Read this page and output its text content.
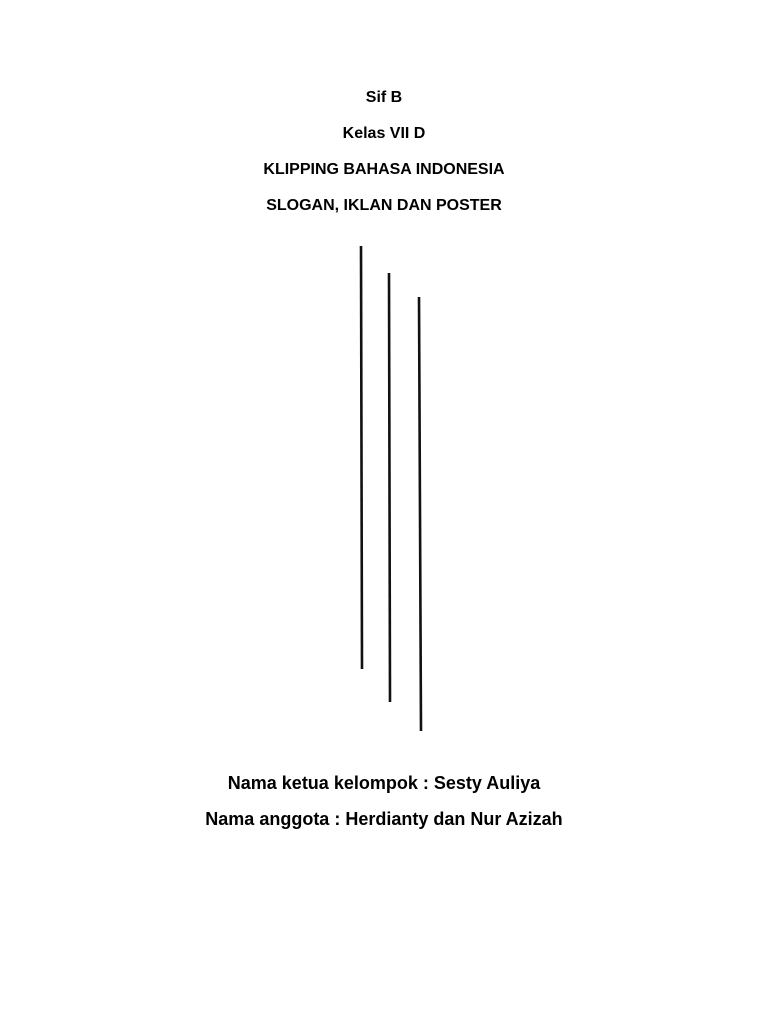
Sif B
Kelas VII D
KLIPPING BAHASA INDONESIA
SLOGAN, IKLAN DAN POSTER
Nama ketua kelompok : Sesty Auliya
Nama anggota : Herdianty dan Nur Azizah
